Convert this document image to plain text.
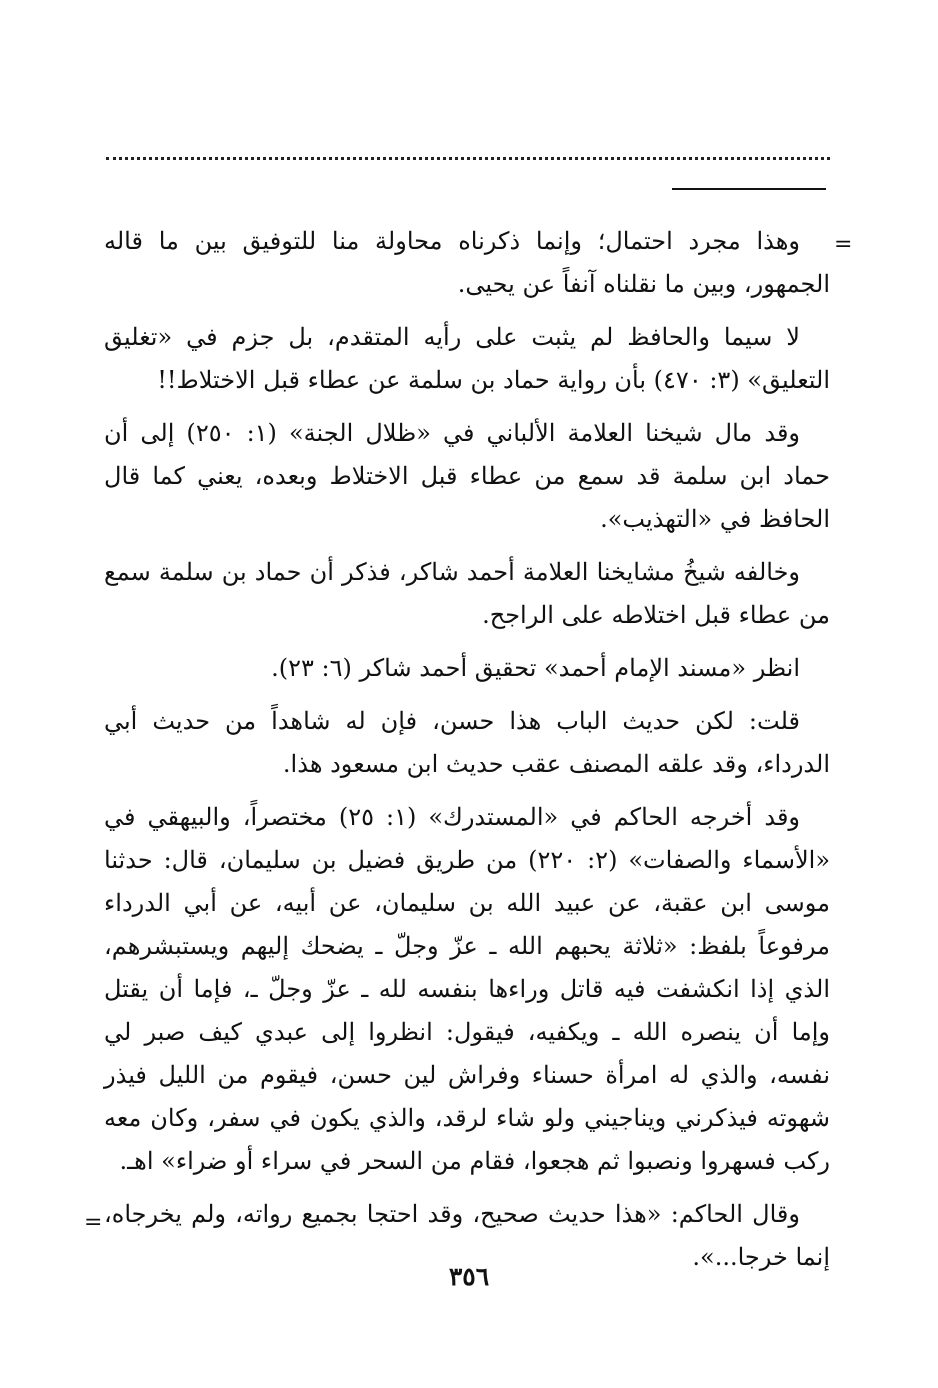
=

وهذا مجرد احتمال؛ وإنما ذكرناه محاولة منا للتوفيق بين ما قاله الجمهور، وبين ما نقلناه آنفاً عن يحيى.

لا سيما والحافظ لم يثبت على رأيه المتقدم، بل جزم في «تغليق التعليق» (٣: ٤٧٠) بأن رواية حماد بن سلمة عن عطاء قبل الاختلاط!!

وقد مال شيخنا العلامة الألباني في «ظلال الجنة» (١: ٢٥٠) إلى أن حماد ابن سلمة قد سمع من عطاء قبل الاختلاط وبعده، يعني كما قال الحافظ في «التهذيب».

وخالفه شيخُ مشايخنا العلامة أحمد شاكر، فذكر أن حماد بن سلمة سمع من عطاء قبل اختلاطه على الراجح.

انظر «مسند الإمام أحمد» تحقيق أحمد شاكر (٦: ٢٣).

قلت: لكن حديث الباب هذا حسن، فإن له شاهداً من حديث أبي الدرداء، وقد علقه المصنف عقب حديث ابن مسعود هذا.

وقد أخرجه الحاكم في «المستدرك» (١: ٢٥) مختصراً، والبيهقي في «الأسماء والصفات» (٢: ٢٢٠) من طريق فضيل بن سليمان، قال: حدثنا موسى ابن عقبة، عن عبيد الله بن سليمان، عن أبيه، عن أبي الدرداء مرفوعاً بلفظ: «ثلاثة يحبهم الله ـ عزّ وجلّ ـ يضحك إليهم ويستبشرهم، الذي إذا انكشفت فيه قاتل وراءها بنفسه لله ـ عزّ وجلّ ـ، فإما أن يقتل وإما أن ينصره الله ـ ويكفيه، فيقول: انظروا إلى عبدي كيف صبر لي نفسه، والذي له امرأة حسناء وفراش لين حسن، فيقوم من الليل فيذر شهوته فيذكرني ويناجيني ولو شاء لرقد، والذي يكون في سفر، وكان معه ركب فسهروا ونصبوا ثم هجعوا، فقام من السحر في سراء أو ضراء» اهـ.

وقال الحاكم: «هذا حديث صحيح، وقد احتجا بجميع رواته، ولم يخرجاه، إنما خرجا...».

=
٣٥٦
